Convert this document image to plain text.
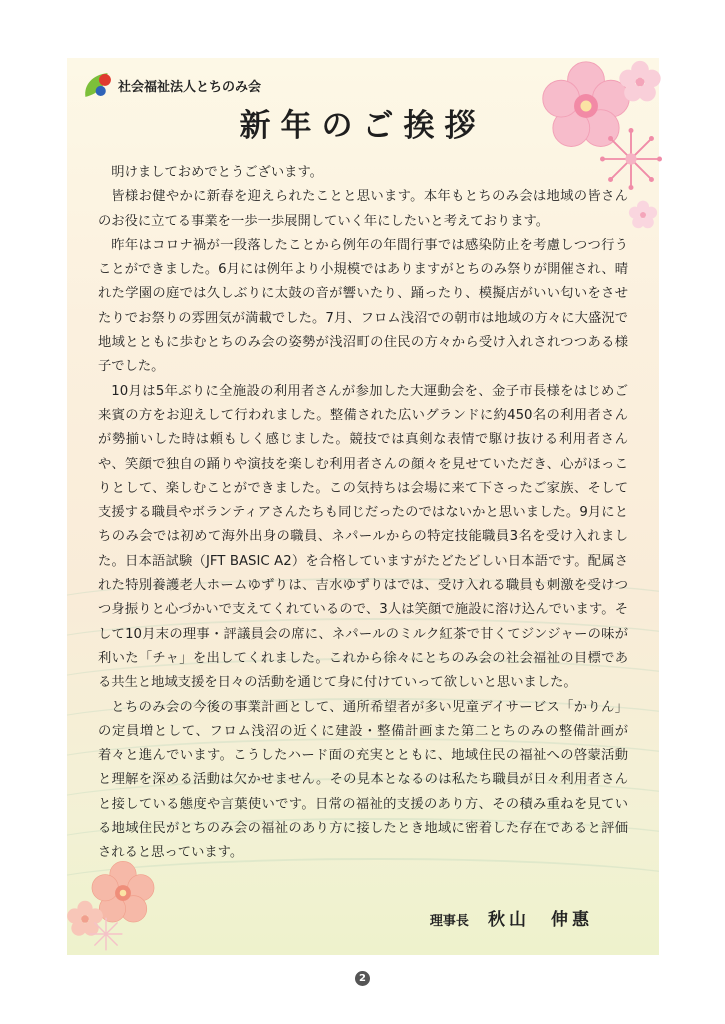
社会福祉法人とちのみ会
新年のご挨拶

明けましておめでとうございます。

皆様お健やかに新春を迎えられたことと思います。本年もとちのみ会は地域の皆さんのお役に立てる事業を一歩一歩展開していく年にしたいと考えております。

昨年はコロナ禍が一段落したことから例年の年間行事では感染防止を考慮しつつ行うことができました。6月には例年より小規模ではありますがとちのみ祭りが開催され、晴れた学園の庭では久しぶりに太鼓の音が響いたり、踊ったり、模擬店がいい匂いをさせたりでお祭りの雰囲気が満載でした。7月、フロム浅沼での朝市は地域の方々に大盛況で地域とともに歩むとちのみ会の姿勢が浅沼町の住民の方々から受け入れされつつある様子でした。

10月は5年ぶりに全施設の利用者さんが参加した大運動会を、金子市長様をはじめご来賓の方をお迎えして行われました。整備された広いグランドに約450名の利用者さんが勢揃いした時は頼もしく感じました。競技では真剣な表情で駆け抜ける利用者さんや、笑顔で独自の踊りや演技を楽しむ利用者さんの顔々を見せていただき、心がほっこりとして、楽しむことができました。この気持ちは会場に来て下さったご家族、そして支援する職員やボランティアさんたちも同じだったのではないかと思いました。9月にとちのみ会では初めて海外出身の職員、ネパールからの特定技能職員3名を受け入れました。日本語試験（JFT BASIC A2）を合格していますがたどたどしい日本語です。配属された特別養護老人ホームゆずりは、吉水ゆずりはでは、受け入れる職員も刺激を受けつつ身振りと心づかいで支えてくれているので、3人は笑顔で施設に溶け込んでいます。そして10月末の理事・評議員会の席に、ネパールのミルク紅茶で甘くてジンジャーの味が利いた「チャ」を出してくれました。これから徐々にとちのみ会の社会福祉の目標である共生と地域支援を日々の活動を通じて身に付けていって欲しいと思いました。

とちのみ会の今後の事業計画として、通所希望者が多い児童デイサービス「かりん」の定員増として、フロム浅沼の近くに建設・整備計画また第二とちのみの整備計画が着々と進んでいます。こうしたハード面の充実とともに、地域住民の福祉への啓蒙活動と理解を深める活動は欠かせません。その見本となるのは私たち職員が日々利用者さんと接している態度や言葉使いです。日常の福祉的支援のあり方、その積み重ねを見ている地域住民がとちのみ会の福祉のあり方に接したとき地域に密着した存在であると評価されると思っています。

理事長 秋山　伸惠
2
